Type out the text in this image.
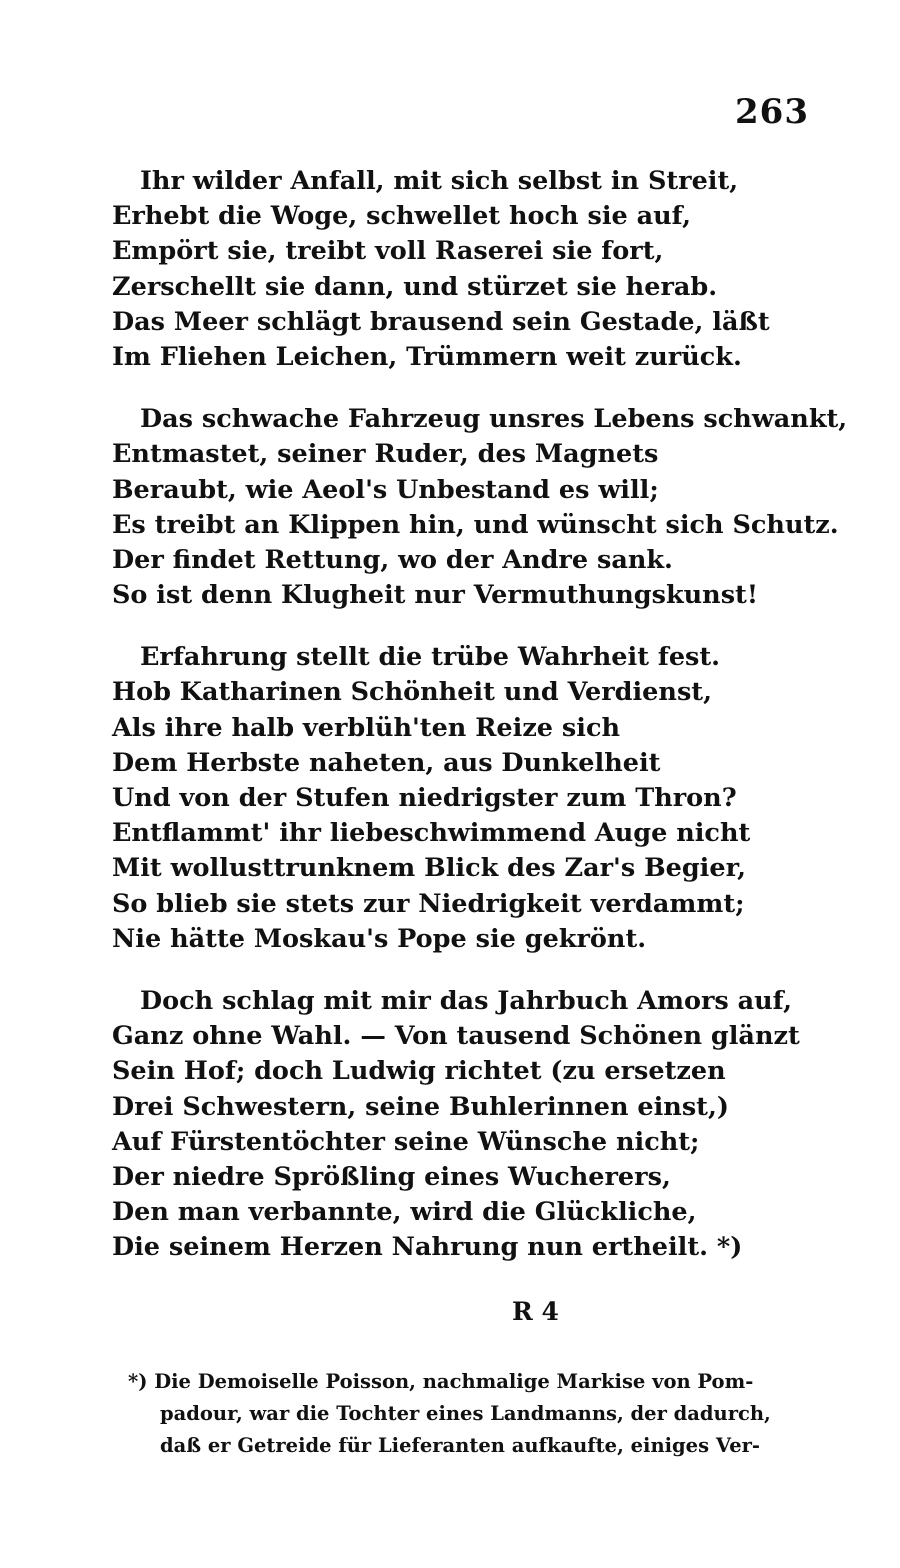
263
Ihr wilder Anfall, mit sich selbst in Streit,
Erhebt die Woge, schwellet hoch sie auf,
Empört sie, treibt voll Raserei sie fort,
Zerschellt sie dann, und stürzet sie herab.
Das Meer schlägt brausend sein Gestade, läßt
Im Fliehen Leichen, Trümmern weit zurück.
Das schwache Fahrzeug unsres Lebens schwankt,
Entmastet, seiner Ruder, des Magnets
Beraubt, wie Aeol's Unbestand es will;
Es treibt an Klippen hin, und wünscht sich Schutz.
Der findet Rettung, wo der Andre sank.
So ist denn Klugheit nur Vermuthungskunst!
Erfahrung stellt die trübe Wahrheit fest.
Hob Katharinen Schönheit und Verdienst,
Als ihre halb verblüh'ten Reize sich
Dem Herbste naheten, aus Dunkelheit
Und von der Stufen niedrigster zum Thron?
Entflammt' ihr liebeschwimmend Auge nicht
Mit wollusttrunknem Blick des Zar's Begier,
So blieb sie stets zur Niedrigkeit verdammt;
Nie hätte Moskau's Pope sie gekrönt.
Doch schlag mit mir das Jahrbuch Amors auf,
Ganz ohne Wahl. — Von tausend Schönen glänzt
Sein Hof; doch Ludwig richtet (zu ersetzen
Drei Schwestern, seine Buhlerinnen einst,)
Auf Fürstentöchter seine Wünsche nicht;
Der niedre Sprößling eines Wucherers,
Den man verbannte, wird die Glückliche,
Die seinem Herzen Nahrung nun ertheilt. *)
R 4
*) Die Demoiselle Poisson, nachmalige Markise von Pom-
padour, war die Tochter eines Landmanns, der dadurch,
daß er Getreide für Lieferanten aufkaufte, einiges Ver-
